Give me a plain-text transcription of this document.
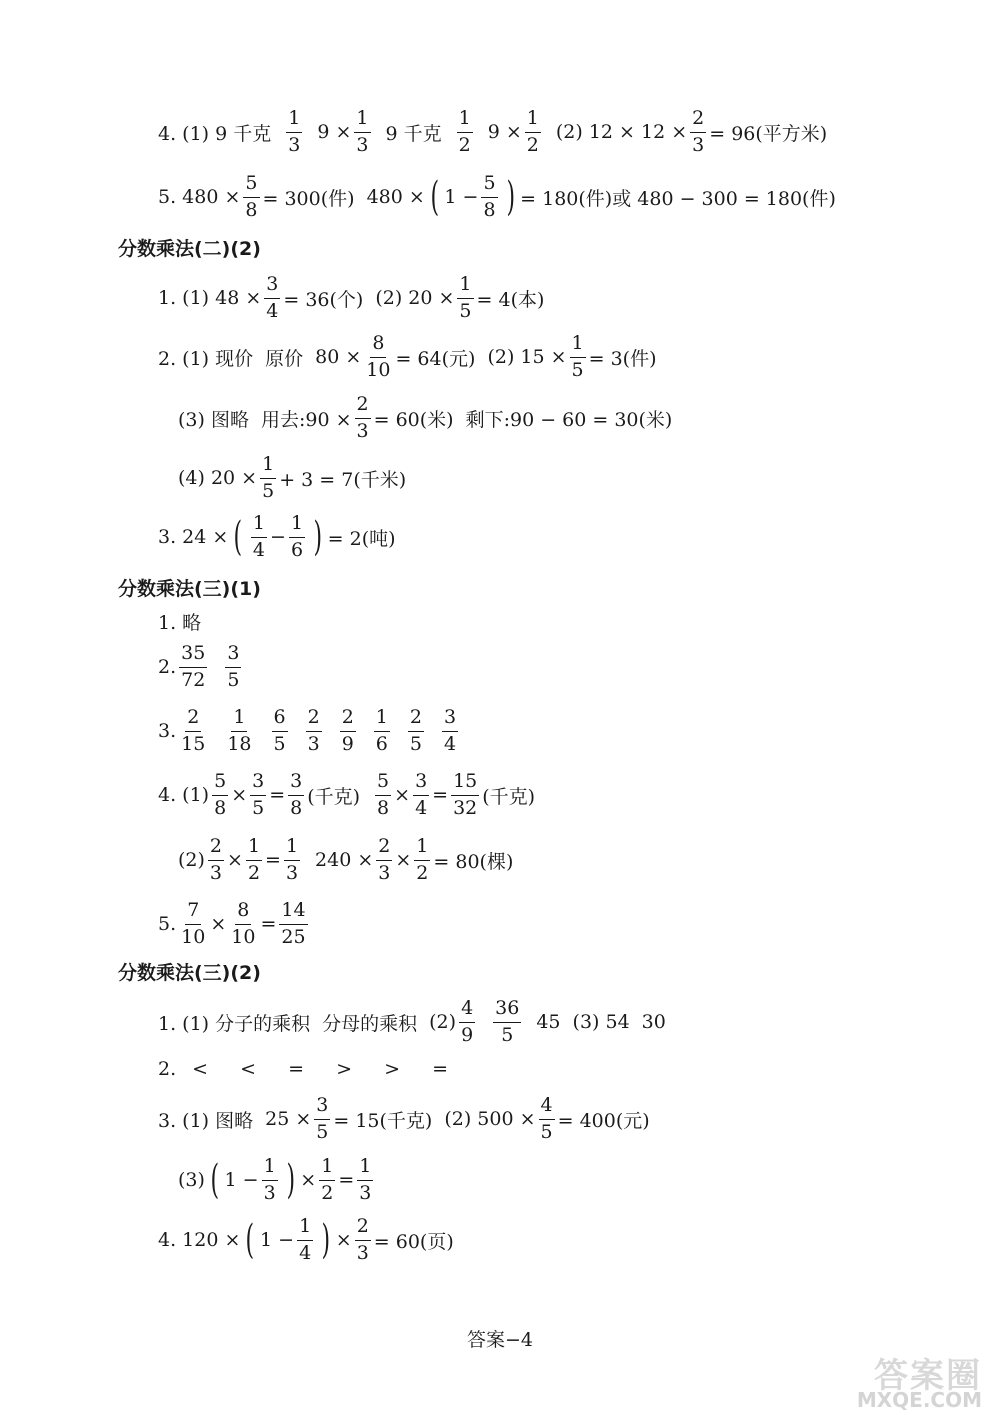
4. (1) 9 千克 $\frac{1}{3} 9 \times \frac{1}{3} 9$ 千克 $\frac{1}{2} 9 \times \frac{1}{2} (2) 12 \times 12 \times \frac{2}{3} = 96$(平方米)
5. $480 \times \frac{5}{8} = 300$(件) 480 × ( $1 - \frac{5}{8}$ ) = 180(件)或 480 − 300 = 180(件)
分数乘法(二)(2)
1. (1) $48 \times \frac{3}{4} = 36$(个) (2) $20 \times \frac{1}{5} = 4$(本)
2. (1) 现价 原价 $80 \times \frac{8}{10} = 64$(元) (2) $15 \times \frac{1}{5} = 3$(件)
(3) 图略 用去:90 × $\frac{2}{3} = 60$(米) 剩下:90 − 60 = 30(米)
(4) $20 \times \frac{1}{5} + 3 = 7$(千米)
3. 24 × ( $\frac{1}{4} - \frac{1}{6}$ ) = 2(吨)
分数乘法(三)(1)
1. 略
2. $\frac{35}{72} \frac{3}{5}$
3. $\frac{2}{15} \frac{1}{18} \frac{6}{5} \frac{2}{3} \frac{2}{9} \frac{1}{6} \frac{2}{5} \frac{3}{4}$
4. $(1) \frac{5}{8} \times \frac{3}{5} = \frac{3}{8}$ (千克) $\frac{5}{8} \times \frac{3}{4} = \frac{15}{32}$ (千克)
$(2) \frac{2}{3} \times \frac{1}{2} = \frac{1}{3} 240 \times \frac{2}{3} \times \frac{1}{2} = 80$(棵)
5. $\frac{7}{10} \times \frac{8}{10} = \frac{14}{25}$
分数乘法(三)(2)
1. (1) 分子的乘积 分母的乘积 $(2) \frac{4}{9} \frac{36}{5} 45$ (3) 54 30
2. <  <  =  >  >  =
3. (1) 图略 $25 \times \frac{3}{5} = 15$(千克) (2) $500 \times \frac{4}{5} = 400$(元)
(3) ( $1 - \frac{1}{3}$ ) × $\frac{1}{2} = \frac{1}{3}$
4. 120 × ( $1 - \frac{1}{4}$ ) × $\frac{2}{3} = 60$(页)
答案−4
答案圈
MXQE.COM
